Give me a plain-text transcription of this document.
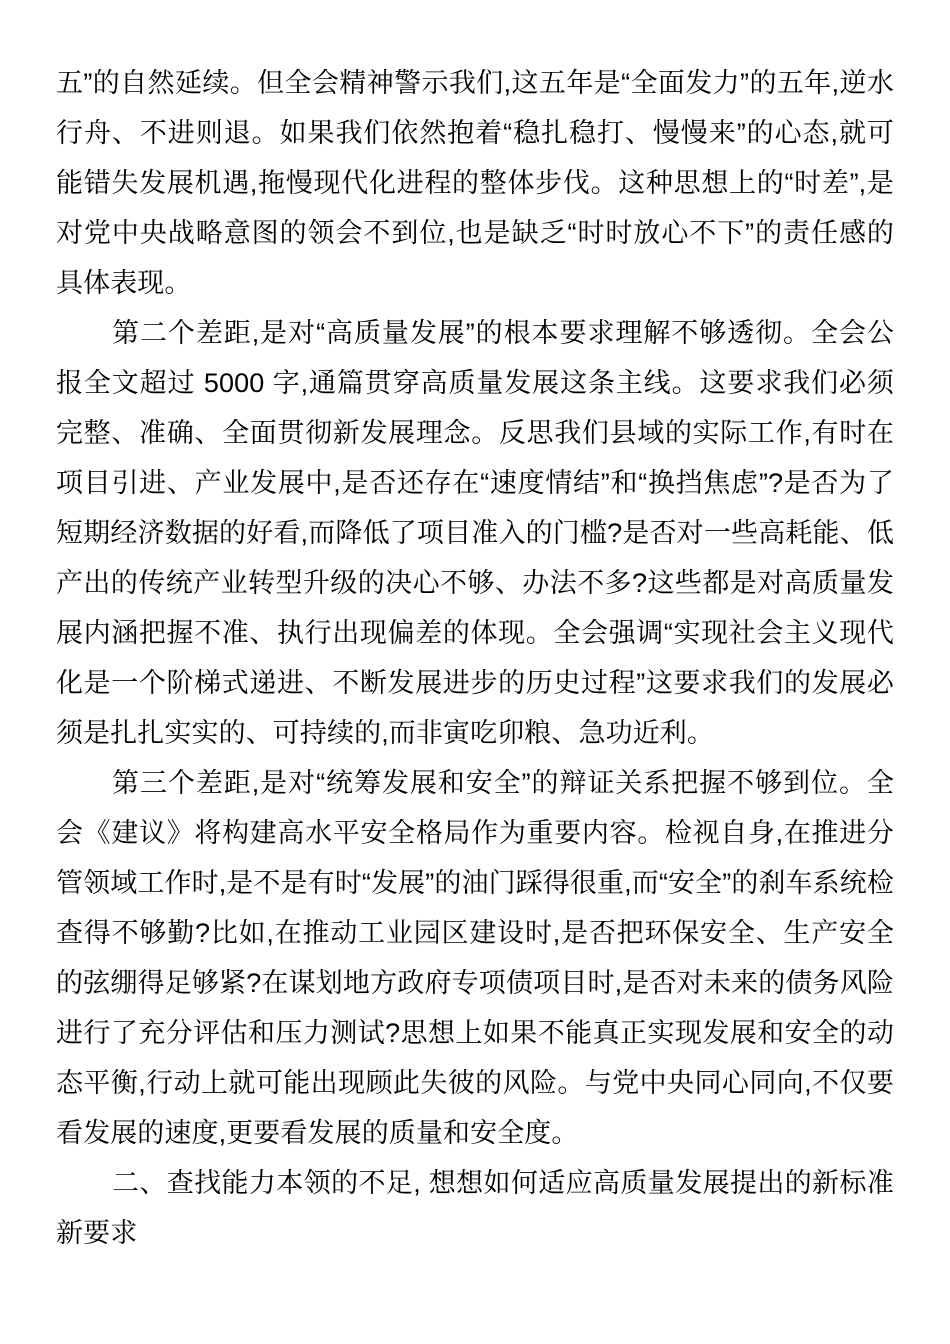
五”的自然延续。但全会精神警示我们,这五年是“全面发力”的五年,逆水行舟、不进则退。如果我们依然抱着“稳扎稳打、慢慢来”的心态,就可能错失发展机遇,拖慢现代化进程的整体步伐。这种思想上的“时差”,是对党中央战略意图的领会不到位,也是缺乏“时时放心不下”的责任感的具体表现。

第二个差距,是对“高质量发展”的根本要求理解不够透彻。全会公报全文超过 5000 字,通篇贯穿高质量发展这条主线。这要求我们必须完整、准确、全面贯彻新发展理念。反思我们县域的实际工作,有时在项目引进、产业发展中,是否还存在“速度情结”和“换挡焦虑”?是否为了短期经济数据的好看,而降低了项目准入的门槛?是否对一些高耗能、低产出的传统产业转型升级的决心不够、办法不多?这些都是对高质量发展内涵把握不准、执行出现偏差的体现。全会强调“实现社会主义现代化是一个阶梯式递进、不断发展进步的历史过程”这要求我们的发展必须是扎扎实实的、可持续的,而非寅吃卯粮、急功近利。

第三个差距,是对“统筹发展和安全”的辩证关系把握不够到位。全会《建议》将构建高水平安全格局作为重要内容。检视自身,在推进分管领域工作时,是不是有时“发展”的油门踩得很重,而“安全”的刹车系统检查得不够勤?比如,在推动工业园区建设时,是否把环保安全、生产安全的弦绷得足够紧?在谋划地方政府专项债项目时,是否对未来的债务风险进行了充分评估和压力测试?思想上如果不能真正实现发展和安全的动态平衡,行动上就可能出现顾此失彼的风险。与党中央同心同向,不仅要看发展的速度,更要看发展的质量和安全度。

二、查找能力本领的不足, 想想如何适应高质量发展提出的新标准新要求
